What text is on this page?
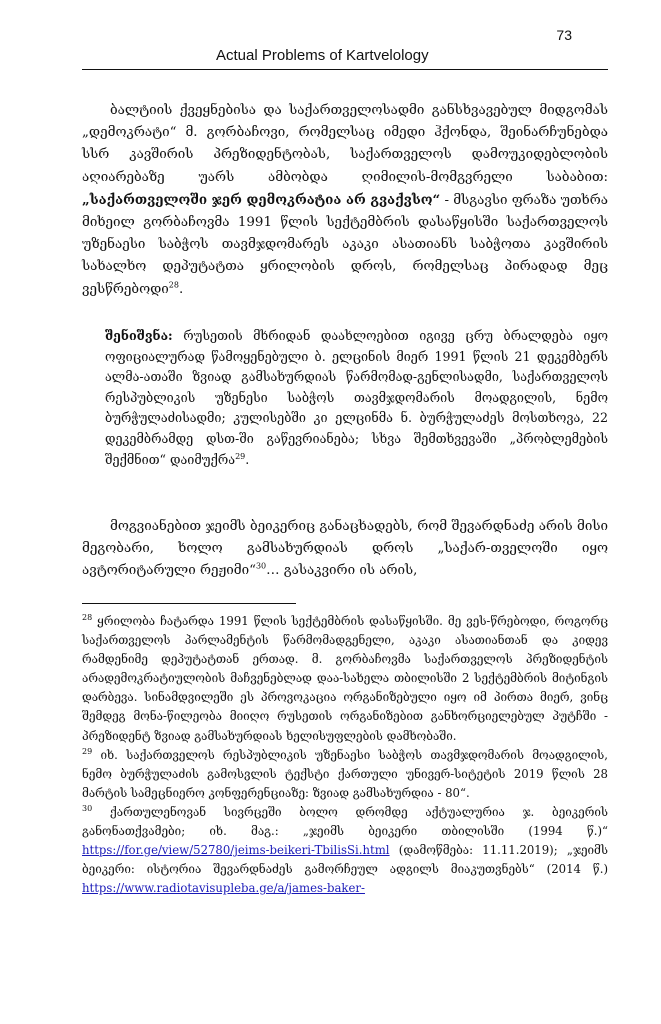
73
Actual Problems of Kartvelology

ბალტიის ქვეყნებისა და საქართველოსადმი განსხვავებულ მიდგომას „დემოკრატი“ მ. გორბაჩოვი, რომელსაც იმედი ჰქონდა, შეინარჩუნებდა სსრ კავშირის პრეზიდენტობას, საქართველოს დამოუკიდებლობის აღიარებაზე უარს ამბობდა ღიმილის-მომგვრელი საბაბით: „საქართველოში ჯერ დემოკრატია არ გვაქვსო“ - მსგავსი ფრაზა უთხრა მიხეილ გორბაჩოვმა 1991 წლის სექტემბრის დასაწყისში საქართველოს უზენაესი საბჭოს თავმჯდომარეს აკაკი ასათიანს საბჭოთა კავშირის სახალხო დეპუტატთა ყრილობის დროს, რომელსაც პირადად მეც ვესწრებოდი$^{28}$.

შენიშვნა: რუსეთის მხრიდან დაახლოებით იგივე ცრუ ბრალდება იყო ოფიციალურად წამოყენებული ბ. ელცინის მიერ 1991 წლის 21 დეკემბერს ალმა-ათაში ზვიად გამსახურდიას წარმომად-გენლისადმი, საქართველოს რესპუბლიკის უზენესი საბჭოს თავმჯდომარის მოადგილის, ნემო ბურჭულაძისადმი; კულისებში კი ელცინმა ნ. ბურჭულაძეს მოსთხოვა, 22 დეკემბრამდე დსთ-ში გაწევრიანება; სხვა შემთხვევაში „პრობლემების შექმნით“ დაიმუქრა$^{29}$.

მოგვიანებით ჯეიმს ბეიკერიც განაცხადებს, რომ შევარდნაძე არის მისი მეგობარი, ხოლო გამსახურდიას დროს „საქარ-თველოში იყო ავტორიტარული რეჟიმი“$^{30}$… გასაკვირი ის არის,

$^{28}$ ყრილობა ჩატარდა 1991 წლის სექტემბრის დასაწყისში. მე ვეს-წრებოდი, როგორც საქართველოს პარლამენტის წარმომადგენელი, აკაკი ასათიანთან და კიდევ რამდენიმე დეპუტატთან ერთად. მ. გორბაჩოვმა საქართველოს პრეზიდენტის არადემოკრატიულობის მაჩვენებლად დაა-სახელა თბილისში 2 სექტემბრის მიტინგის დარბევა. სინამდვილეში ეს პროვოკაცია ორგანიზებული იყო იმ პირთა მიერ, ვინც შემდეგ მონა-წილეობა მიიღო რუსეთის ორგანიზებით განხორციელებულ პუტჩში - პრეზიდენტ ზვიად გამსახურდიას ხელისუფლების დამხობაში.

$^{29}$ იხ. საქართველოს რესპუბლიკის უზენაესი საბჭოს თავმჯდომარის მოადგილის, ნემო ბურჭულაძის გამოსვლის ტექსტი ქართული უნივერ-სიტეტის 2019 წლის 28 მარტის სამეცნიერო კონფერენციაზე: ზვიად გამსახურდია - 80“.

$^{30}$ ქართულენოვან სივრცეში ბოლო დრომდე აქტუალურია ჯ. ბეიკერის განონათქვამები; იხ. მაგ.: „ჯეიმს ბეიკერი თბილისში (1994 წ.)“ https://for.ge/view/52780/jeims-beikeri-TbilisSi.html (დამოწმება: 11.11.2019); „ჯეიმს ბეიკერი: ისტორია შევარდნაძეს გამორჩეულ ადგილს მიაკუთვნებს“ (2014 წ.) https://www.radiotavisupleba.ge/a/james-baker-
